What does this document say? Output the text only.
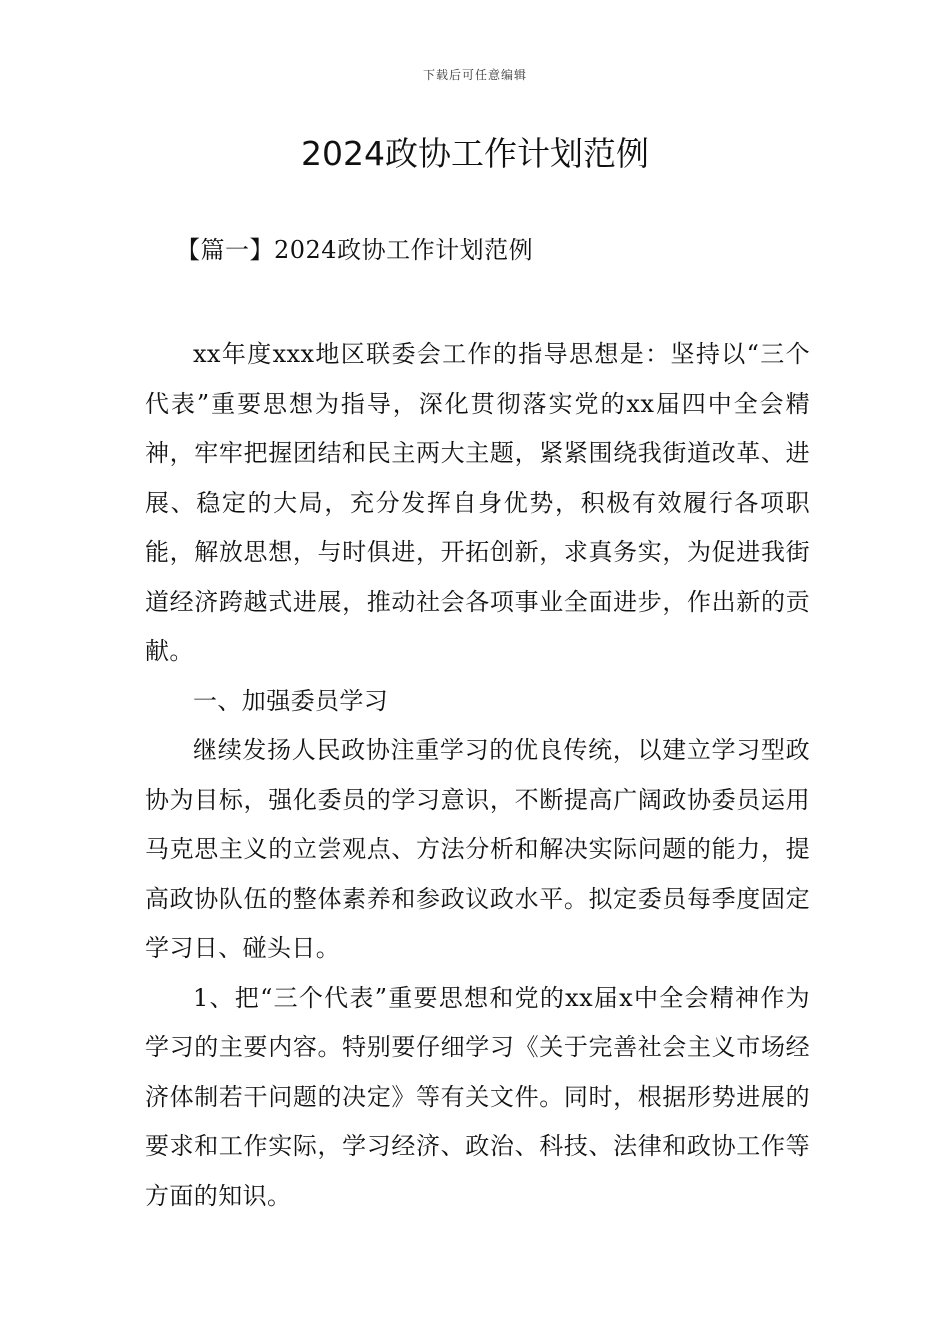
下载后可任意编辑
2024政协工作计划范例
【篇一】2024政协工作计划范例

xx年度xxx地区联委会工作的指导思想是：坚持以“三个代表”重要思想为指导，深化贯彻落实党的xx届四中全会精神，牢牢把握团结和民主两大主题，紧紧围绕我街道改革、进展、稳定的大局，充分发挥自身优势，积极有效履行各项职能，解放思想，与时俱进，开拓创新，求真务实，为促进我街道经济跨越式进展，推动社会各项事业全面进步，作出新的贡献。

一、加强委员学习

继续发扬人民政协注重学习的优良传统，以建立学习型政协为目标，强化委员的学习意识，不断提高广阔政协委员运用马克思主义的立尝观点、方法分析和解决实际问题的能力，提高政协队伍的整体素养和参政议政水平。拟定委员每季度固定学习日、碰头日。

1、把“三个代表”重要思想和党的xx届x中全会精神作为学习的主要内容。特别要仔细学习《关于完善社会主义市场经济体制若干问题的决定》等有关文件。同时，根据形势进展的要求和工作实际，学习经济、政治、科技、法律和政协工作等方面的知识。
